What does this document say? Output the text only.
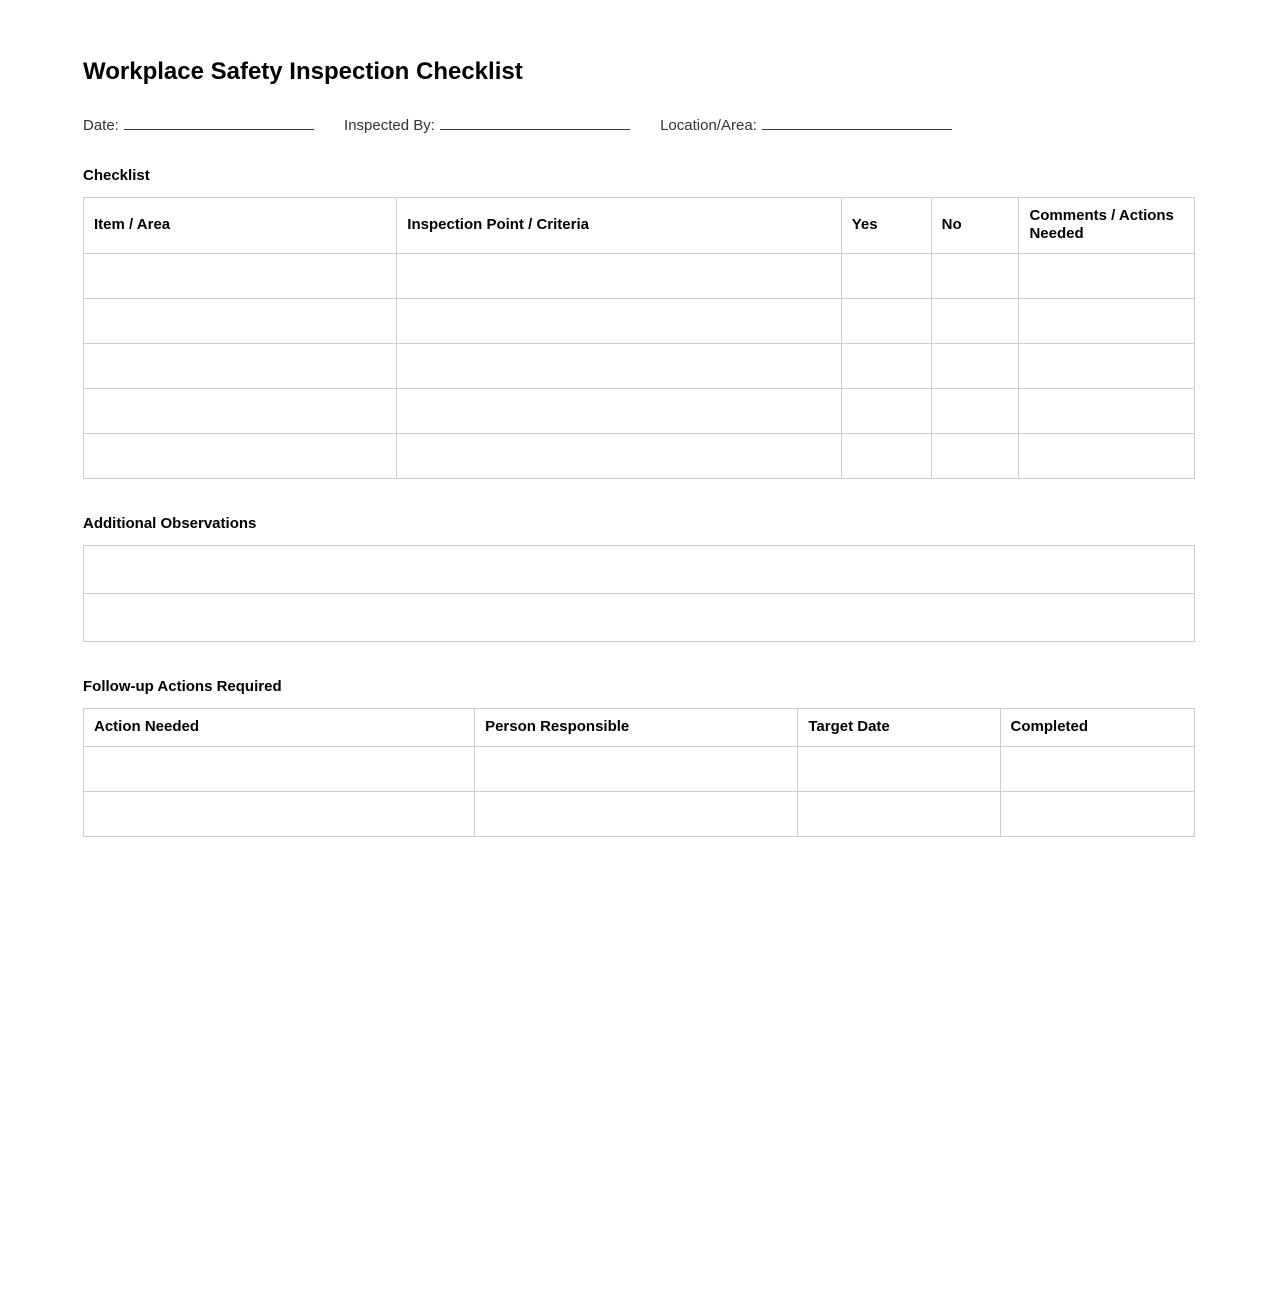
Workplace Safety Inspection Checklist
Date:	Inspected By:	Location/Area:
Checklist
Item / Area	Inspection Point / Criteria	Yes	No	Comments / Actions Needed

Additional Observations

Follow-up Actions Required
Action Needed	Person Responsible	Target Date	Completed
